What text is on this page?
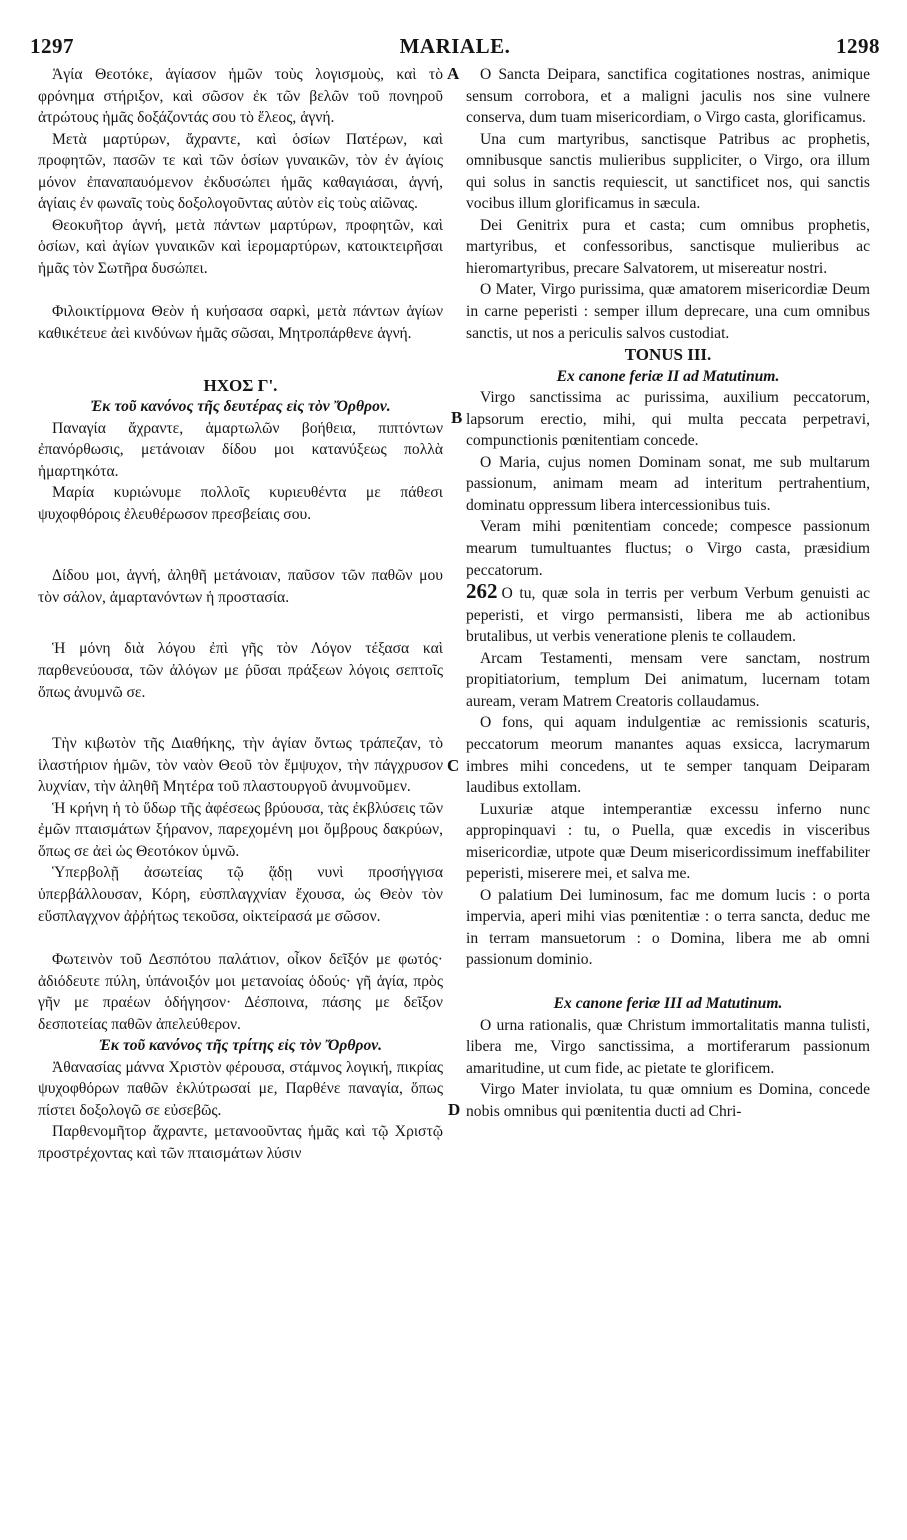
1297	MARIALE.	1298

Ἁγία Θεοτόκε, ἁγίασον ἡμῶν τοὺς λογισμοὺς, καὶ τὸ φρόνημα στήριξον, καὶ σῶσον ἐκ τῶν βελῶν τοῦ πονηροῦ ἀτρώτους ἡμᾶς δοξάζοντάς σου τὸ ἔλεος, ἁγνή.

Μετὰ μαρτύρων, ἄχραντε, καὶ ὁσίων Πατέρων, καὶ προφητῶν, πασῶν τε καὶ τῶν ὁσίων γυναικῶν, τὸν ἐν ἁγίοις μόνον ἐπαναπαυόμενον ἐκδυσώπει ἡμᾶς καθαγιάσαι, ἁγνή, ἁγίαις ἐν φωναῖς τοὺς δοξολογοῦντας αὐτὸν εἰς τοὺς αἰῶνας.

Θεοκυῆτορ ἁγνή, μετὰ πάντων μαρτύρων, προφητῶν, καὶ ὁσίων, καὶ ἁγίων γυναικῶν καὶ ἱερομαρτύρων, κατοικτειρῆσαι ἡμᾶς τὸν Σωτῆρα δυσώπει.

Φιλοικτίρμονα Θεὸν ἡ κυήσασα σαρκὶ, μετὰ πάντων ἁγίων καθικέτευε ἀεὶ κινδύνων ἡμᾶς σῶσαι, Μητροπάρθενε ἁγνή.

ΗΧΟΣ Γ'.

Ἐκ τοῦ κανόνος τῆς δευτέρας εἰς τὸν Ὄρθρον.

Παναγία ἄχραντε, ἁμαρτωλῶν βοήθεια, πιπτόντων ἐπανόρθωσις, μετάνοιαν δίδου μοι κατανύξεως πολλὰ ἡμαρτηκότα.

Μαρία κυριώνυμε πολλοῖς κυριευθέντα με πάθεσι ψυχοφθόροις ἐλευθέρωσον πρεσβείαις σου.

Δίδου μοι, ἁγνή, ἀληθῆ μετάνοιαν, παῦσον τῶν παθῶν μου τὸν σάλον, ἁμαρτανόντων ἡ προστασία.

Ἡ μόνη διὰ λόγου ἐπὶ γῆς τὸν Λόγον τέξασα καὶ παρθενεύουσα, τῶν ἀλόγων με ῥῦσαι πράξεων λόγοις σεπτοῖς ὅπως ἀνυμνῶ σε.

Τὴν κιβωτὸν τῆς Διαθήκης, τὴν ἁγίαν ὄντως τράπεζαν, τὸ ἱλαστήριον ἡμῶν, τὸν ναὸν Θεοῦ τὸν ἔμψυχον, τὴν πάγχρυσον λυχνίαν, τὴν ἀληθῆ Μητέρα τοῦ πλαστουργοῦ ἀνυμνοῦμεν.

Ἡ κρήνη ἡ τὸ ὕδωρ τῆς ἀφέσεως βρύουσα, τὰς ἐκβλύσεις τῶν ἐμῶν πταισμάτων ξήρανον, παρεχομένη μοι ὄμβρους δακρύων, ὅπως σε ἀεὶ ὡς Θεοτόκον ὑμνῶ.

Ὑπερβολῇ ἀσωτείας τῷ ᾅδῃ νυνὶ προσήγγισα ὑπερβάλλουσαν, Κόρη, εὐσπλαγχνίαν ἔχουσα, ὡς Θεὸν τὸν εὔσπλαγχνον ἀῤῥήτως τεκοῦσα, οἰκτείρασά με σῶσον.

Φωτεινὸν τοῦ Δεσπότου παλάτιον, οἶκον δεῖξόν με φωτός· ἀδιόδευτε πύλη, ὑπάνοιξόν μοι μετανοίας ὁδούς· γῆ ἁγία, πρὸς γῆν με πραέων ὁδήγησον· Δέσποινα, πάσης με δεῖξον δεσποτείας παθῶν ἀπελεύθερον.

Ἐκ τοῦ κανόνος τῆς τρίτης εἰς τὸν Ὄρθρον.

Ἀθανασίας μάννα Χριστὸν φέρουσα, στάμνος λογική, πικρίας ψυχοφθόρων παθῶν ἐκλύτρωσαί με, Παρθένε παναγία, ὅπως πίστει δοξολογῶ σε εὐσεβῶς.

Παρθενομῆτορ ἄχραντε, μετανοοῦντας ἡμᾶς καὶ τῷ Χριστῷ προστρέχοντας καὶ τῶν πταισμάτων λύσιν

A
B
C
D

O Sancta Deipara, sanctifica cogitationes nostras, animique sensum corrobora, et a maligni jaculis nos sine vulnere conserva, dum tuam misericordiam, o Virgo casta, glorificamus.

Una cum martyribus, sanctisque Patribus ac prophetis, omnibusque sanctis mulieribus suppliciter, o Virgo, ora illum qui solus in sanctis requiescit, ut sanctificet nos, qui sanctis vocibus illum glorificamus in sæcula.

Dei Genitrix pura et casta; cum omnibus prophetis, martyribus, et confessoribus, sanctisque mulieribus ac hieromartyribus, precare Salvatorem, ut misereatur nostri.

O Mater, Virgo purissima, quæ amatorem misericordiæ Deum in carne peperisti : semper illum deprecare, una cum omnibus sanctis, ut nos a periculis salvos custodiat.

TONUS III.

Ex canone feriæ II ad Matutinum.

Virgo sanctissima ac purissima, auxilium peccatorum, lapsorum erectio, mihi, qui multa peccata perpetravi, compunctionis pœnitentiam concede.

O Maria, cujus nomen Dominam sonat, me sub multarum passionum, animam meam ad interitum pertrahentium, dominatu oppressum libera intercessionibus tuis.

Veram mihi pœnitentiam concede; compesce passionum mearum tumultuantes fluctus; o Virgo casta, præsidium peccatorum.

262 O tu, quæ sola in terris per verbum Verbum genuisti ac peperisti, et virgo permansisti, libera me ab actionibus brutalibus, ut verbis veneratione plenis te collaudem.

Arcam Testamenti, mensam vere sanctam, nostrum propitiatorium, templum Dei animatum, lucernam totam auream, veram Matrem Creatoris collaudamus.

O fons, qui aquam indulgentiæ ac remissionis scaturis, peccatorum meorum manantes aquas exsicca, lacrymarum imbres mihi concedens, ut te semper tanquam Deiparam laudibus extollam.

Luxuriæ atque intemperantiæ excessu inferno nunc appropinquavi : tu, o Puella, quæ excedis in visceribus misericordiæ, utpote quæ Deum misericordissimum ineffabiliter peperisti, miserere mei, et salva me.

O palatium Dei luminosum, fac me domum lucis : o porta impervia, aperi mihi vias pœnitentiæ : o terra sancta, deduc me in terram mansuetorum : o Domina, libera me ab omni passionum dominio.

Ex canone feriæ III ad Matutinum.

O urna rationalis, quæ Christum immortalitatis manna tulisti, libera me, Virgo sanctissima, a mortiferarum passionum amaritudine, ut cum fide, ac pietate te glorificem.

Virgo Mater inviolata, tu quæ omnium es Domina, concede nobis omnibus qui pœnitentia ducti ad Chri-
